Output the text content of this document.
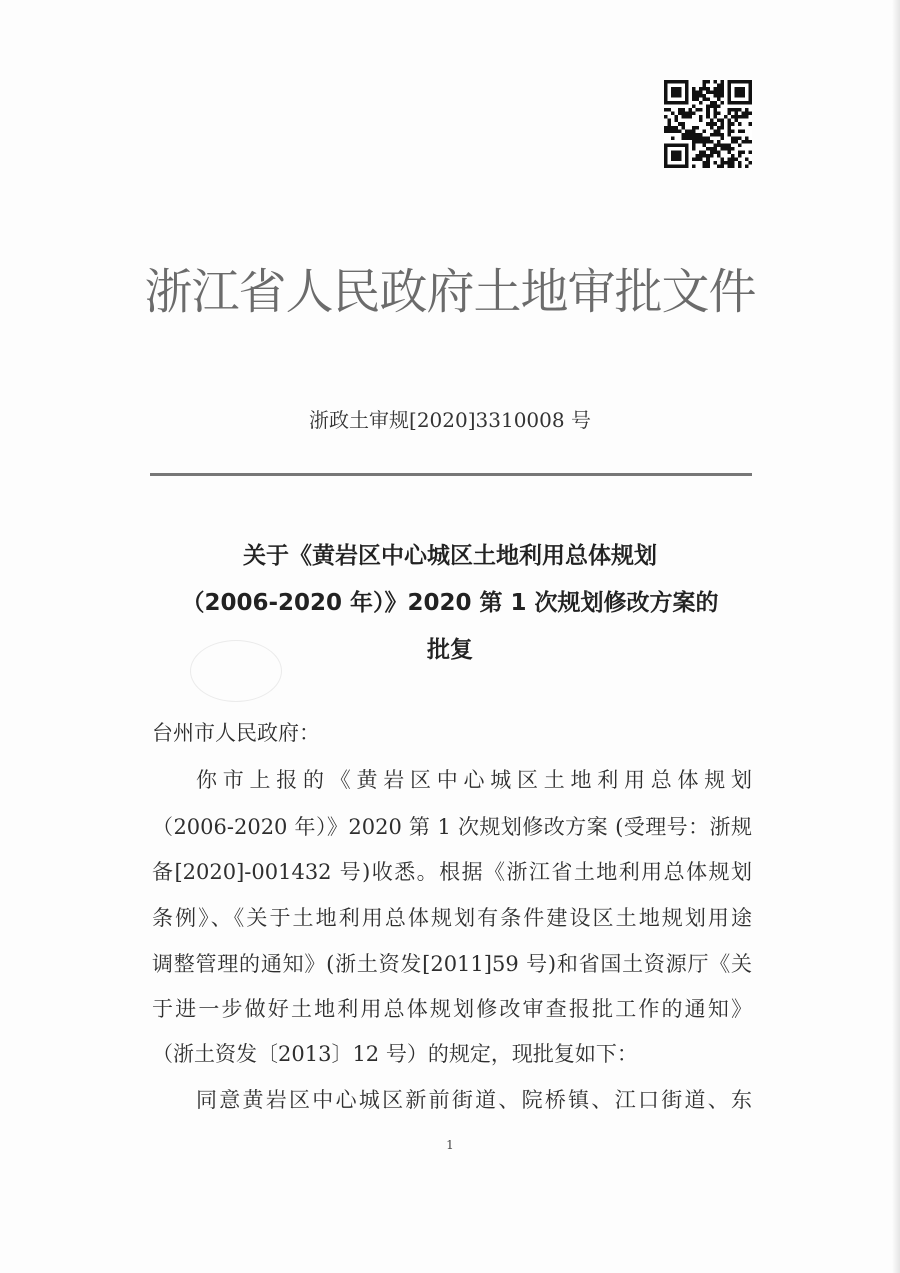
浙江省人民政府土地审批文件
浙政土审规[2020]3310008 号
关于《黄岩区中心城区土地利用总体规划
（2006-2020 年）》2020 第 1 次规划修改方案的
批复
台州市人民政府：
你市上报的《黄岩区中心城区土地利用总体规划
（2006-2020 年）》2020 第 1 次规划修改方案 (受理号：浙规
备[2020]-001432 号)收悉。根据《浙江省土地利用总体规划
条例》、《关于土地利用总体规划有条件建设区土地规划用途
调整管理的通知》(浙土资发[2011]59 号)和省国土资源厅《关
于进一步做好土地利用总体规划修改审查报批工作的通知》
（浙土资发〔2013〕12 号）的规定，现批复如下：
同意黄岩区中心城区新前街道、院桥镇、江口街道、东
1
